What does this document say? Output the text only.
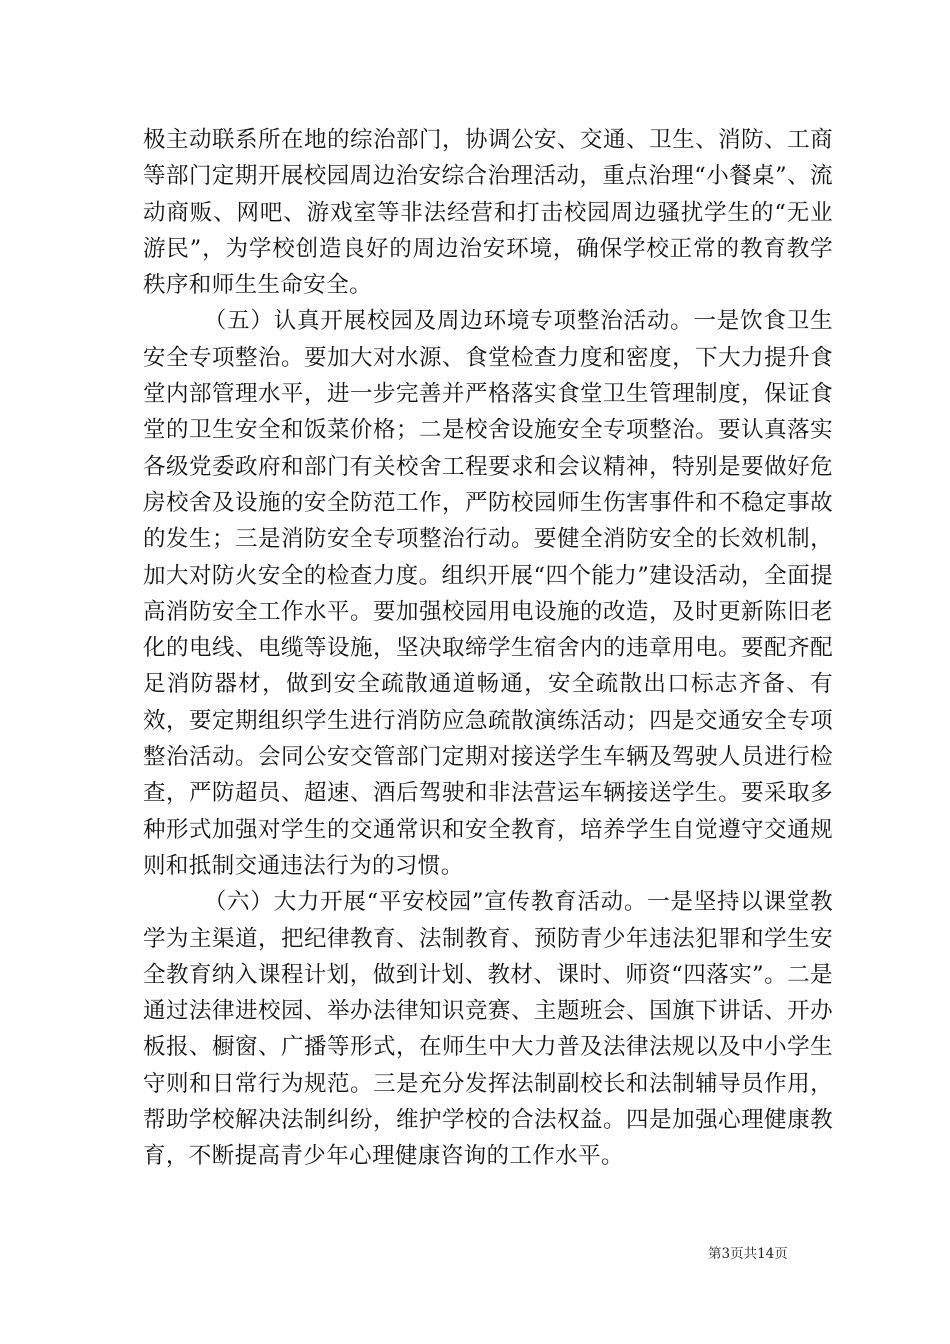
极主动联系所在地的综治部门，协调公安、交通、卫生、消防、工商等部门定期开展校园周边治安综合治理活动，重点治理“小餐桌”、流动商贩、网吧、游戏室等非法经营和打击校园周边骚扰学生的“无业游民”，为学校创造良好的周边治安环境，确保学校正常的教育教学秩序和师生生命安全。

（五）认真开展校园及周边环境专项整治活动。一是饮食卫生安全专项整治。要加大对水源、食堂检查力度和密度，下大力提升食堂内部管理水平，进一步完善并严格落实食堂卫生管理制度，保证食堂的卫生安全和饭菜价格；二是校舍设施安全专项整治。要认真落实各级党委政府和部门有关校舍工程要求和会议精神，特别是要做好危房校舍及设施的安全防范工作，严防校园师生伤害事件和不稳定事故的发生；三是消防安全专项整治行动。要健全消防安全的长效机制，加大对防火安全的检查力度。组织开展“四个能力”建设活动，全面提高消防安全工作水平。要加强校园用电设施的改造，及时更新陈旧老化的电线、电缆等设施，坚决取缔学生宿舍内的违章用电。要配齐配足消防器材，做到安全疏散通道畅通，安全疏散出口标志齐备、有效，要定期组织学生进行消防应急疏散演练活动；四是交通安全专项整治活动。会同公安交管部门定期对接送学生车辆及驾驶人员进行检查，严防超员、超速、酒后驾驶和非法营运车辆接送学生。要采取多种形式加强对学生的交通常识和安全教育，培养学生自觉遵守交通规则和抵制交通违法行为的习惯。

（六）大力开展“平安校园”宣传教育活动。一是坚持以课堂教学为主渠道，把纪律教育、法制教育、预防青少年违法犯罪和学生安全教育纳入课程计划，做到计划、教材、课时、师资“四落实”。二是通过法律进校园、举办法律知识竞赛、主题班会、国旗下讲话、开办板报、橱窗、广播等形式，在师生中大力普及法律法规以及中小学生守则和日常行为规范。三是充分发挥法制副校长和法制辅导员作用，帮助学校解决法制纠纷，维护学校的合法权益。四是加强心理健康教育，不断提高青少年心理健康咨询的工作水平。

第3页共14页
